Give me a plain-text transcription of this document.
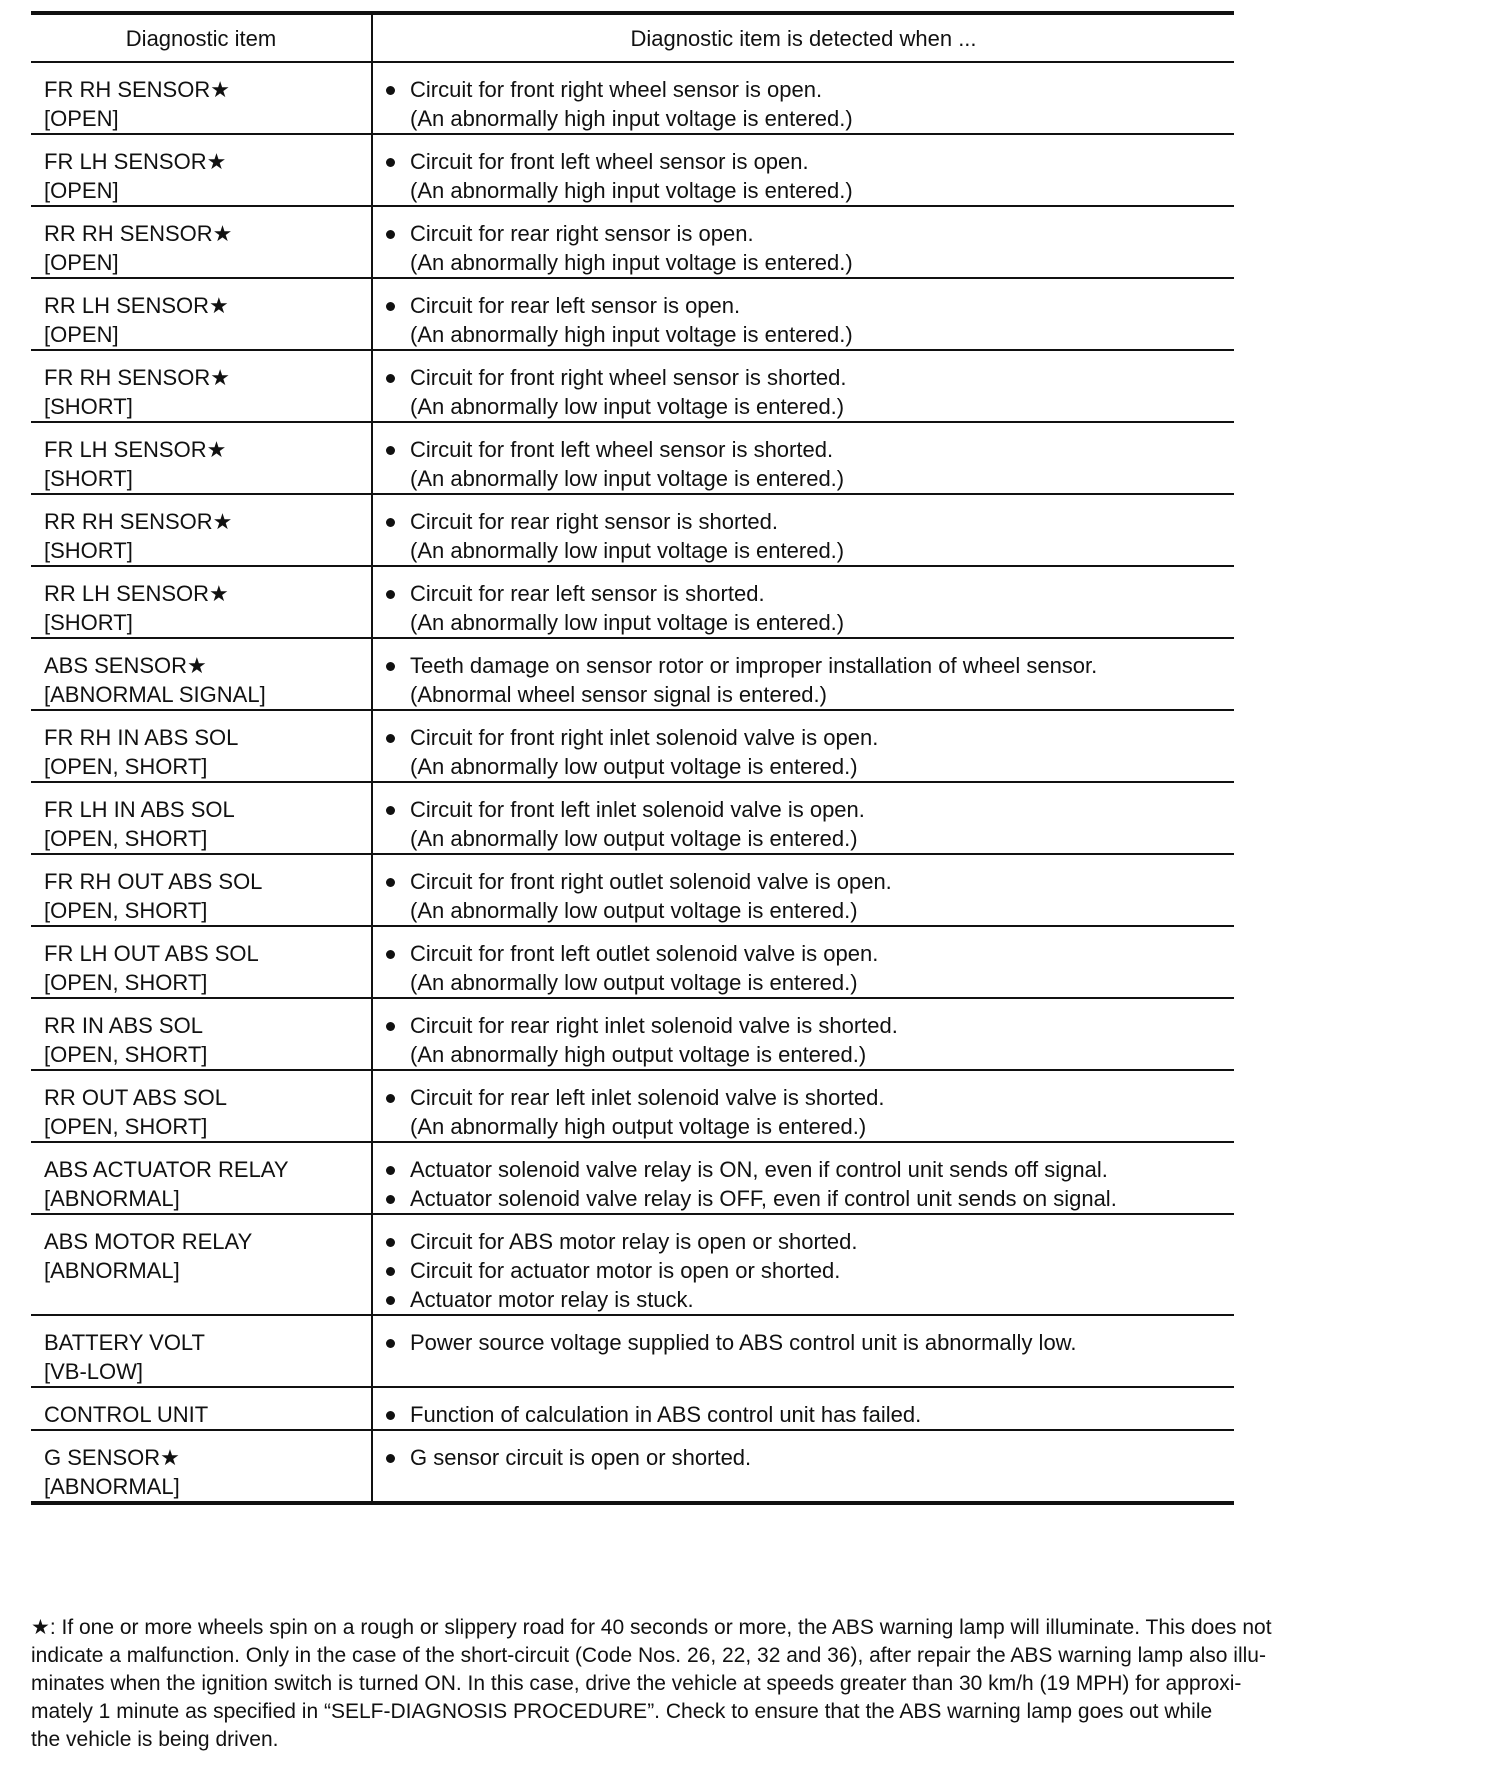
Diagnostic item	Diagnostic item is detected when ...

FR RH SENSOR★
[OPEN]	Circuit for front right wheel sensor is open.
(An abnormally high input voltage is entered.)

FR LH SENSOR★
[OPEN]	Circuit for front left wheel sensor is open.
(An abnormally high input voltage is entered.)

RR RH SENSOR★
[OPEN]	Circuit for rear right sensor is open.
(An abnormally high input voltage is entered.)

RR LH SENSOR★
[OPEN]	Circuit for rear left sensor is open.
(An abnormally high input voltage is entered.)

FR RH SENSOR★
[SHORT]	Circuit for front right wheel sensor is shorted.
(An abnormally low input voltage is entered.)

FR LH SENSOR★
[SHORT]	Circuit for front left wheel sensor is shorted.
(An abnormally low input voltage is entered.)

RR RH SENSOR★
[SHORT]	Circuit for rear right sensor is shorted.
(An abnormally low input voltage is entered.)

RR LH SENSOR★
[SHORT]	Circuit for rear left sensor is shorted.
(An abnormally low input voltage is entered.)

ABS SENSOR★
[ABNORMAL SIGNAL]	Teeth damage on sensor rotor or improper installation of wheel sensor.
(Abnormal wheel sensor signal is entered.)

FR RH IN ABS SOL
[OPEN, SHORT]	Circuit for front right inlet solenoid valve is open.
(An abnormally low output voltage is entered.)

FR LH IN ABS SOL
[OPEN, SHORT]	Circuit for front left inlet solenoid valve is open.
(An abnormally low output voltage is entered.)

FR RH OUT ABS SOL
[OPEN, SHORT]	Circuit for front right outlet solenoid valve is open.
(An abnormally low output voltage is entered.)

FR LH OUT ABS SOL
[OPEN, SHORT]	Circuit for front left outlet solenoid valve is open.
(An abnormally low output voltage is entered.)

RR IN ABS SOL
[OPEN, SHORT]	Circuit for rear right inlet solenoid valve is shorted.
(An abnormally high output voltage is entered.)

RR OUT ABS SOL
[OPEN, SHORT]	Circuit for rear left inlet solenoid valve is shorted.
(An abnormally high output voltage is entered.)

ABS ACTUATOR RELAY
[ABNORMAL]	Actuator solenoid valve relay is ON, even if control unit sends off signal.
Actuator solenoid valve relay is OFF, even if control unit sends on signal.

ABS MOTOR RELAY
[ABNORMAL]	Circuit for ABS motor relay is open or shorted.
Circuit for actuator motor is open or shorted.
Actuator motor relay is stuck.

BATTERY VOLT
[VB-LOW]	Power source voltage supplied to ABS control unit is abnormally low.

CONTROL UNIT	Function of calculation in ABS control unit has failed.

G SENSOR★
[ABNORMAL]	G sensor circuit is open or shorted.
★: If one or more wheels spin on a rough or slippery road for 40 seconds or more, the ABS warning lamp will illuminate. This does not
indicate a malfunction. Only in the case of the short-circuit (Code Nos. 26, 22, 32 and 36), after repair the ABS warning lamp also illu-
minates when the ignition switch is turned ON. In this case, drive the vehicle at speeds greater than 30 km/h (19 MPH) for approxi-
mately 1 minute as specified in “SELF-DIAGNOSIS PROCEDURE”. Check to ensure that the ABS warning lamp goes out while
the vehicle is being driven.
